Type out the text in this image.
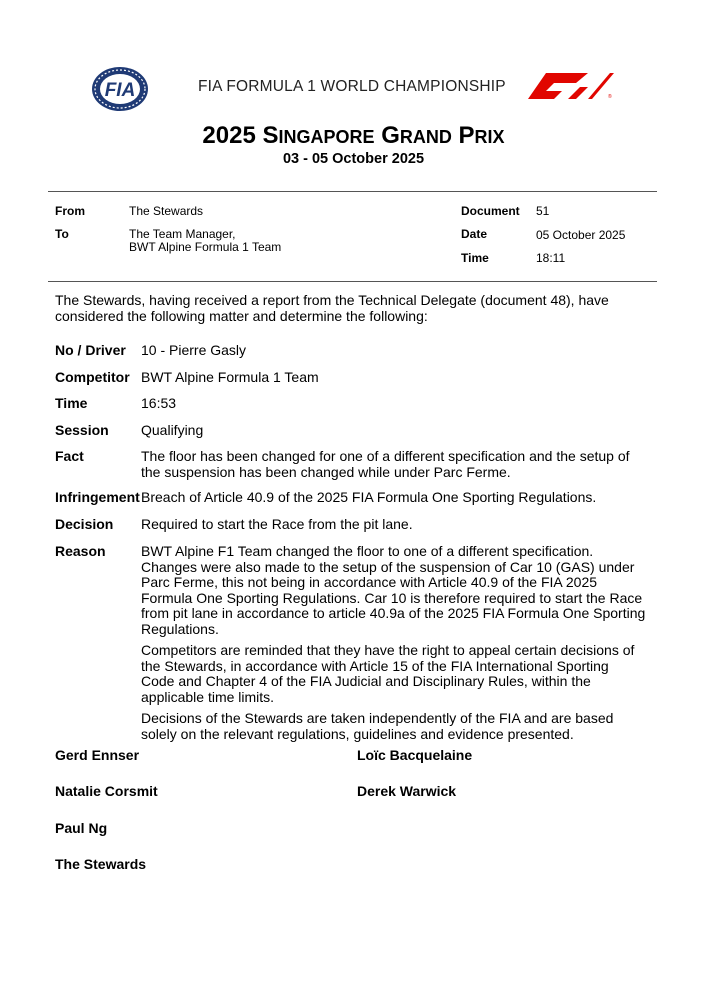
FIA	FIA FORMULA 1 WORLD CHAMPIONSHIP
®
2025 SINGAPORE GRAND PRIX
03 - 05 October 2025
From	The Stewards
To	The Team Manager,
BWT Alpine Formula 1 Team
Document 51
Date	05 October 2025
Time	18:11
The Stewards, having received a report from the Technical Delegate (document 48), have considered the following matter and determine the following:
No / Driver 10 - Pierre Gasly
Competitor BWT Alpine Formula 1 Team
Time	16:53
Session Qualifying
Fact	The floor has been changed for one of a different specification and the setup of the suspension has been changed while under Parc Ferme.
Infringement Breach of Article 40.9 of the 2025 FIA Formula One Sporting Regulations.
Decision Required to start the Race from the pit lane.
Reason	BWT Alpine F1 Team changed the floor to one of a different specification. Changes were also made to the setup of the suspension of Car 10 (GAS) under Parc Ferme, this not being in accordance with Article 40.9 of the FIA 2025 Formula One Sporting Regulations. Car 10 is therefore required to start the Race from pit lane in accordance to article 40.9a of the 2025 FIA Formula One Sporting Regulations.

Competitors are reminded that they have the right to appeal certain decisions of the Stewards, in accordance with Article 15 of the FIA International Sporting Code and Chapter 4 of the FIA Judicial and Disciplinary Rules, within the applicable time limits.

Decisions of the Stewards are taken independently of the FIA and are based solely on the relevant regulations, guidelines and evidence presented.

Gerd Ennser	Loïc Bacquelaine
Natalie Corsmit	Derek Warwick
Paul Ng
The Stewards
